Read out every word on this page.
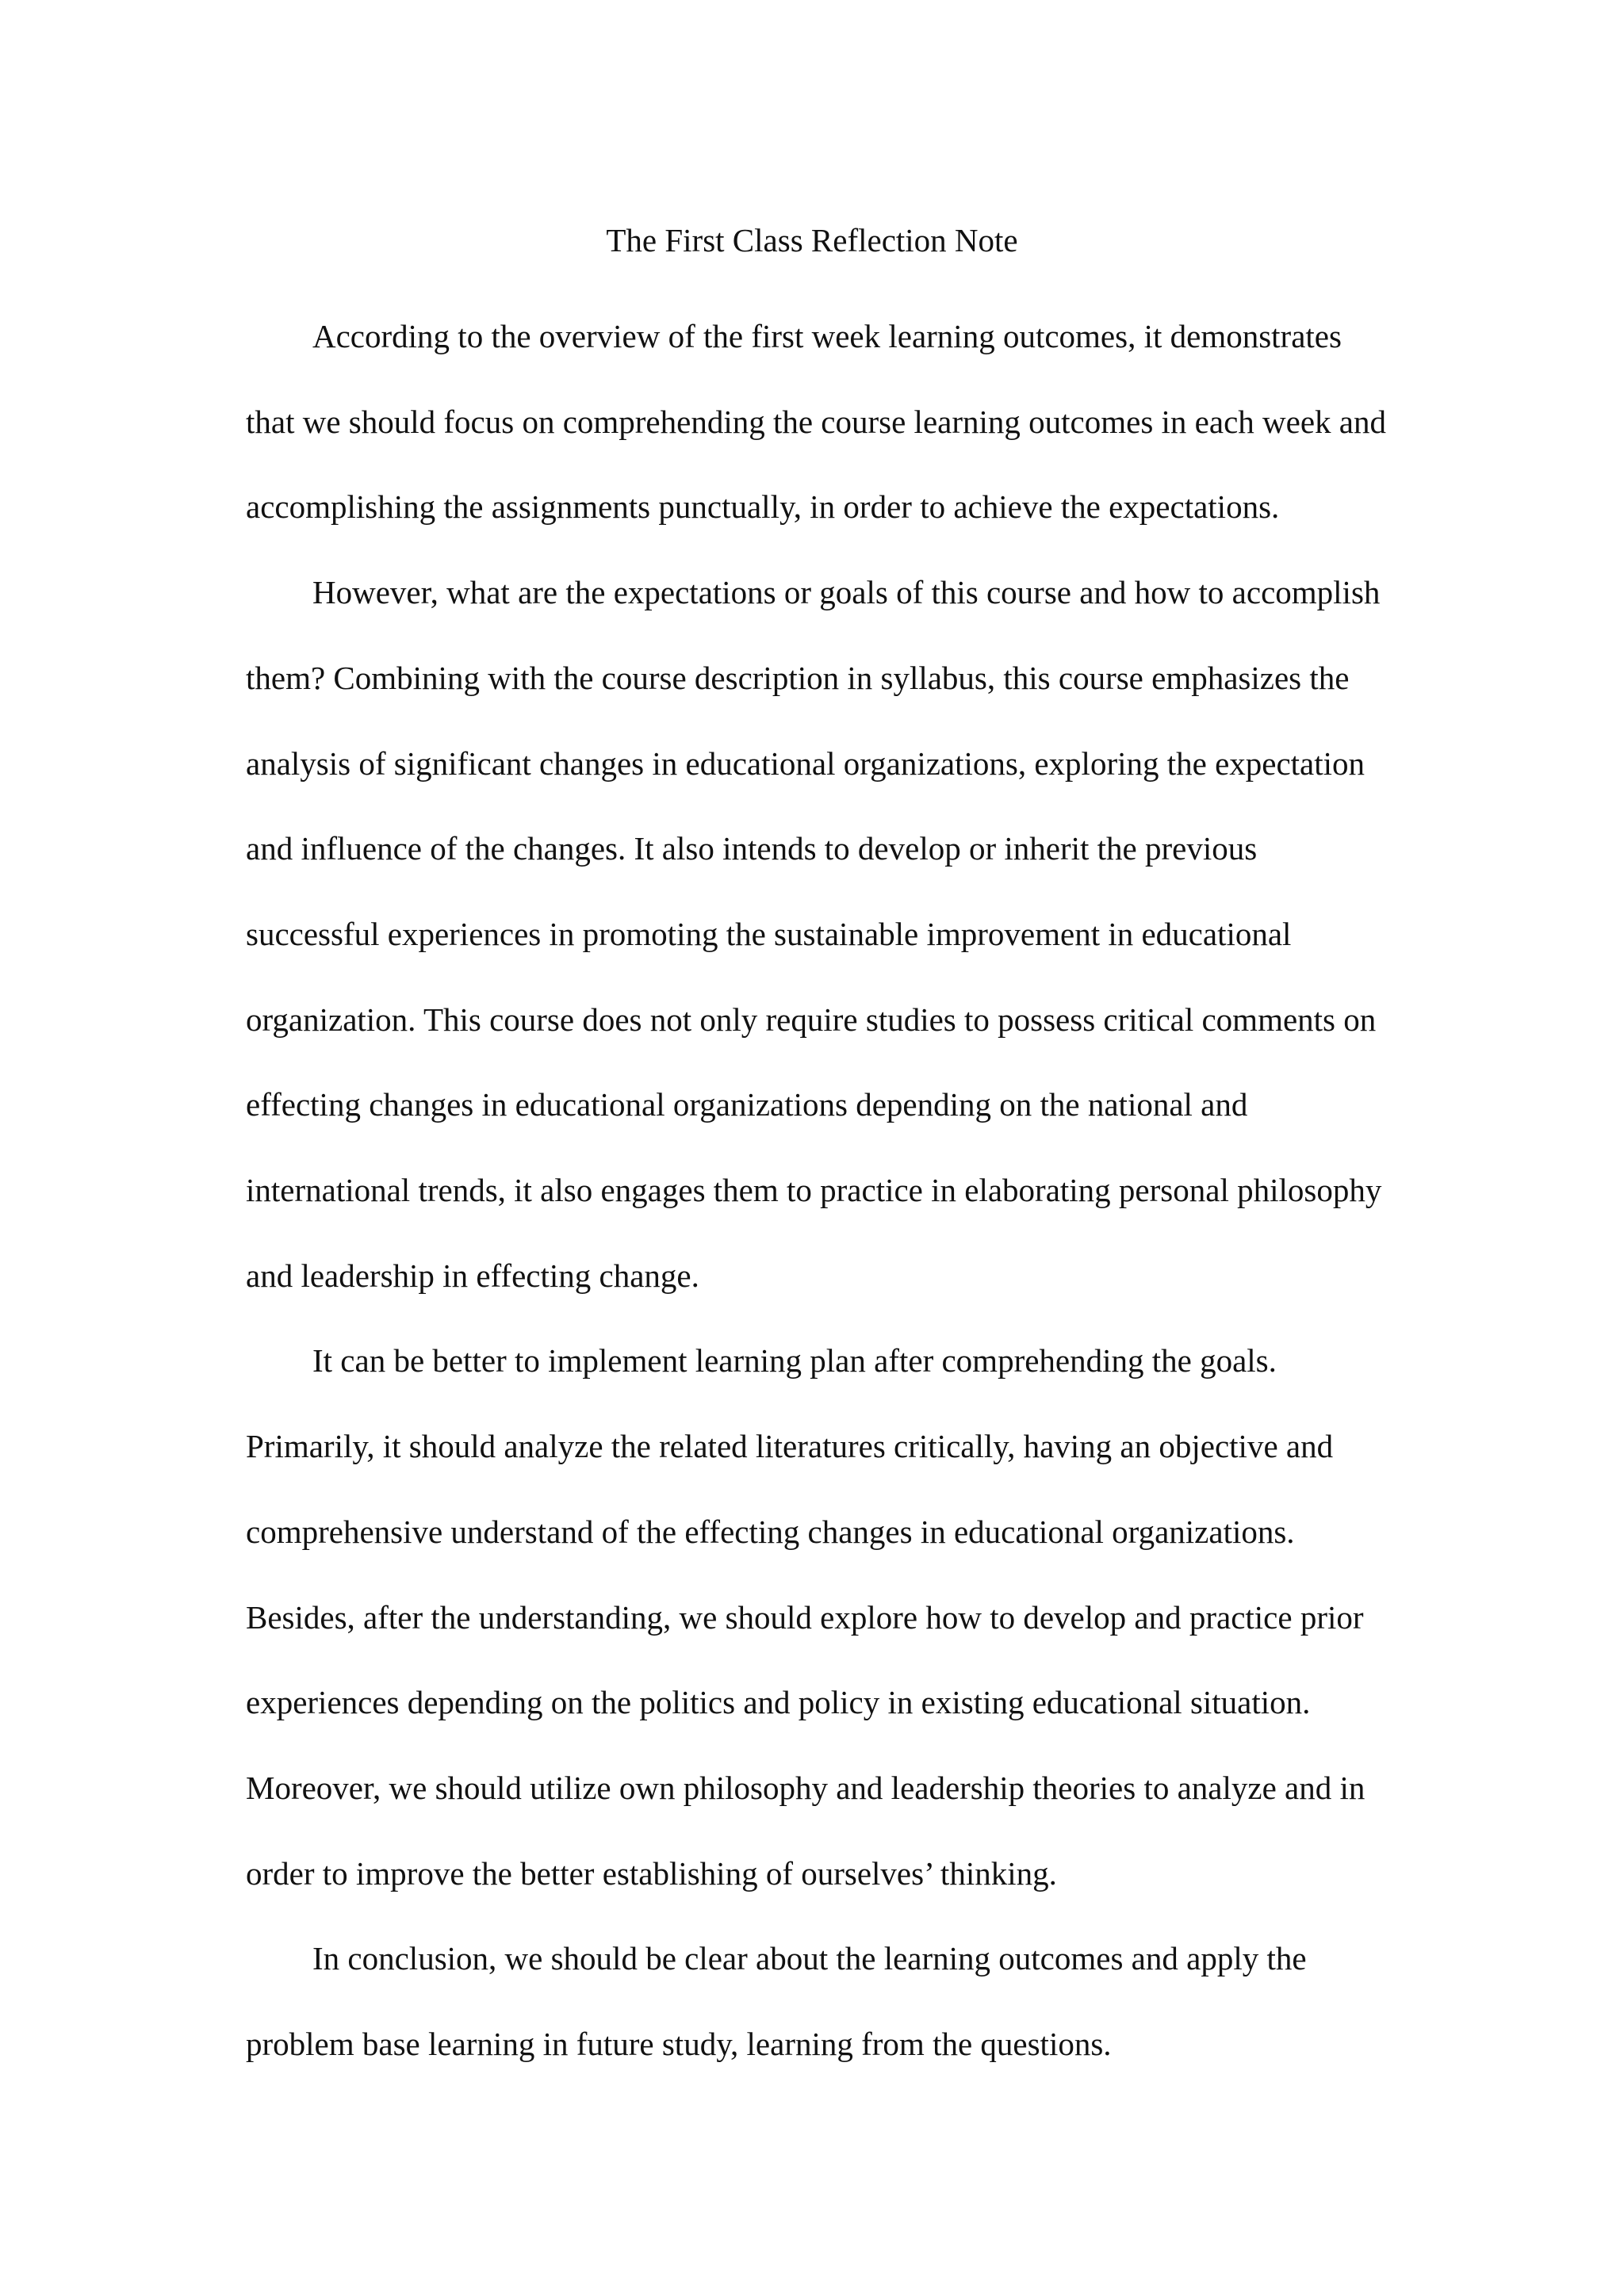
The First Class Reflection Note

According to the overview of the first week learning outcomes, it demonstrates that we should focus on comprehending the course learning outcomes in each week and accomplishing the assignments punctually, in order to achieve the expectations.

However, what are the expectations or goals of this course and how to accomplish them? Combining with the course description in syllabus, this course emphasizes the analysis of significant changes in educational organizations, exploring the expectation and influence of the changes. It also intends to develop or inherit the previous successful experiences in promoting the sustainable improvement in educational organization. This course does not only require studies to possess critical comments on effecting changes in educational organizations depending on the national and international trends, it also engages them to practice in elaborating personal philosophy and leadership in effecting change.

It can be better to implement learning plan after comprehending the goals. Primarily, it should analyze the related literatures critically, having an objective and comprehensive understand of the effecting changes in educational organizations. Besides, after the understanding, we should explore how to develop and practice prior experiences depending on the politics and policy in existing educational situation. Moreover, we should utilize own philosophy and leadership theories to analyze and in order to improve the better establishing of ourselves’ thinking.

In conclusion, we should be clear about the learning outcomes and apply the problem base learning in future study, learning from the questions.
